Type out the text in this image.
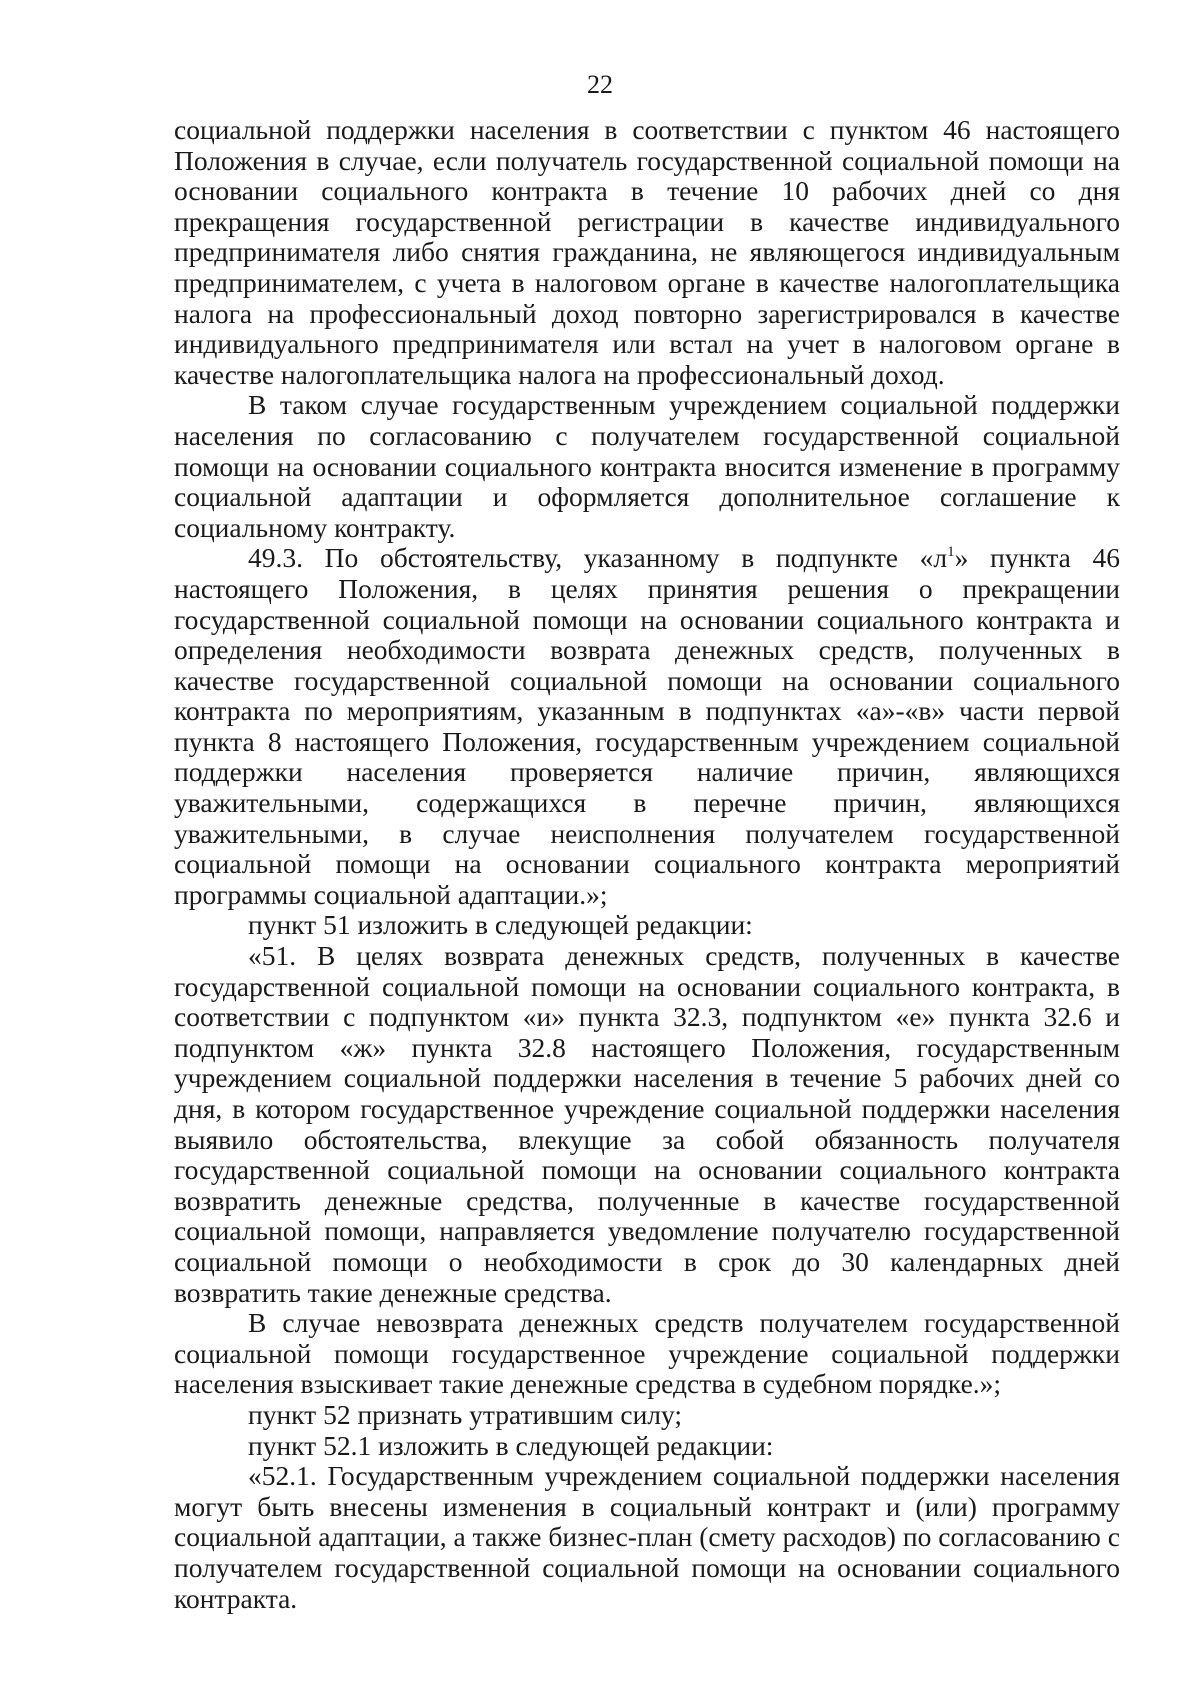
22

социальной поддержки населения в соответствии с пунктом 46 настоящего Положения в случае, если получатель государственной социальной помощи на основании социального контракта в течение 10 рабочих дней со дня прекращения государственной регистрации в качестве индивидуального предпринимателя либо снятия гражданина, не являющегося индивидуальным предпринимателем, с учета в налоговом органе в качестве налогоплательщика налога на профессиональный доход повторно зарегистрировался в качестве индивидуального предпринимателя или встал на учет в налоговом органе в качестве налогоплательщика налога на профессиональный доход.

В таком случае государственным учреждением социальной поддержки населения по согласованию с получателем государственной социальной помощи на основании социального контракта вносится изменение в программу социальной адаптации и оформляется дополнительное соглашение к социальному контракту.

49.3. По обстоятельству, указанному в подпункте «$л^1$» пункта 46 настоящего Положения, в целях принятия решения о прекращении государственной социальной помощи на основании социального контракта и определения необходимости возврата денежных средств, полученных в качестве государственной социальной помощи на основании социального контракта по мероприятиям, указанным в подпунктах «а»-«в» части первой пункта 8 настоящего Положения, государственным учреждением социальной поддержки населения проверяется наличие причин, являющихся уважительными, содержащихся в перечне причин, являющихся уважительными, в случае неисполнения получателем государственной социальной помощи на основании социального контракта мероприятий программы социальной адаптации.»;

пункт 51 изложить в следующей редакции:

«51. В целях возврата денежных средств, полученных в качестве государственной социальной помощи на основании социального контракта, в соответствии с подпунктом «и» пункта 32.3, подпунктом «е» пункта 32.6 и подпунктом «ж» пункта 32.8 настоящего Положения, государственным учреждением социальной поддержки населения в течение 5 рабочих дней со дня, в котором государственное учреждение социальной поддержки населения выявило обстоятельства, влекущие за собой обязанность получателя государственной социальной помощи на основании социального контракта возвратить денежные средства, полученные в качестве государственной социальной помощи, направляется уведомление получателю государственной социальной помощи о необходимости в срок до 30 календарных дней возвратить такие денежные средства.

В случае невозврата денежных средств получателем государственной социальной помощи государственное учреждение социальной поддержки населения взыскивает такие денежные средства в судебном порядке.»;

пункт 52 признать утратившим силу;

пункт 52.1 изложить в следующей редакции:

«52.1. Государственным учреждением социальной поддержки населения могут быть внесены изменения в социальный контракт и (или) программу социальной адаптации, а также бизнес-план (смету расходов) по согласованию с получателем государственной социальной помощи на основании социального контракта.
